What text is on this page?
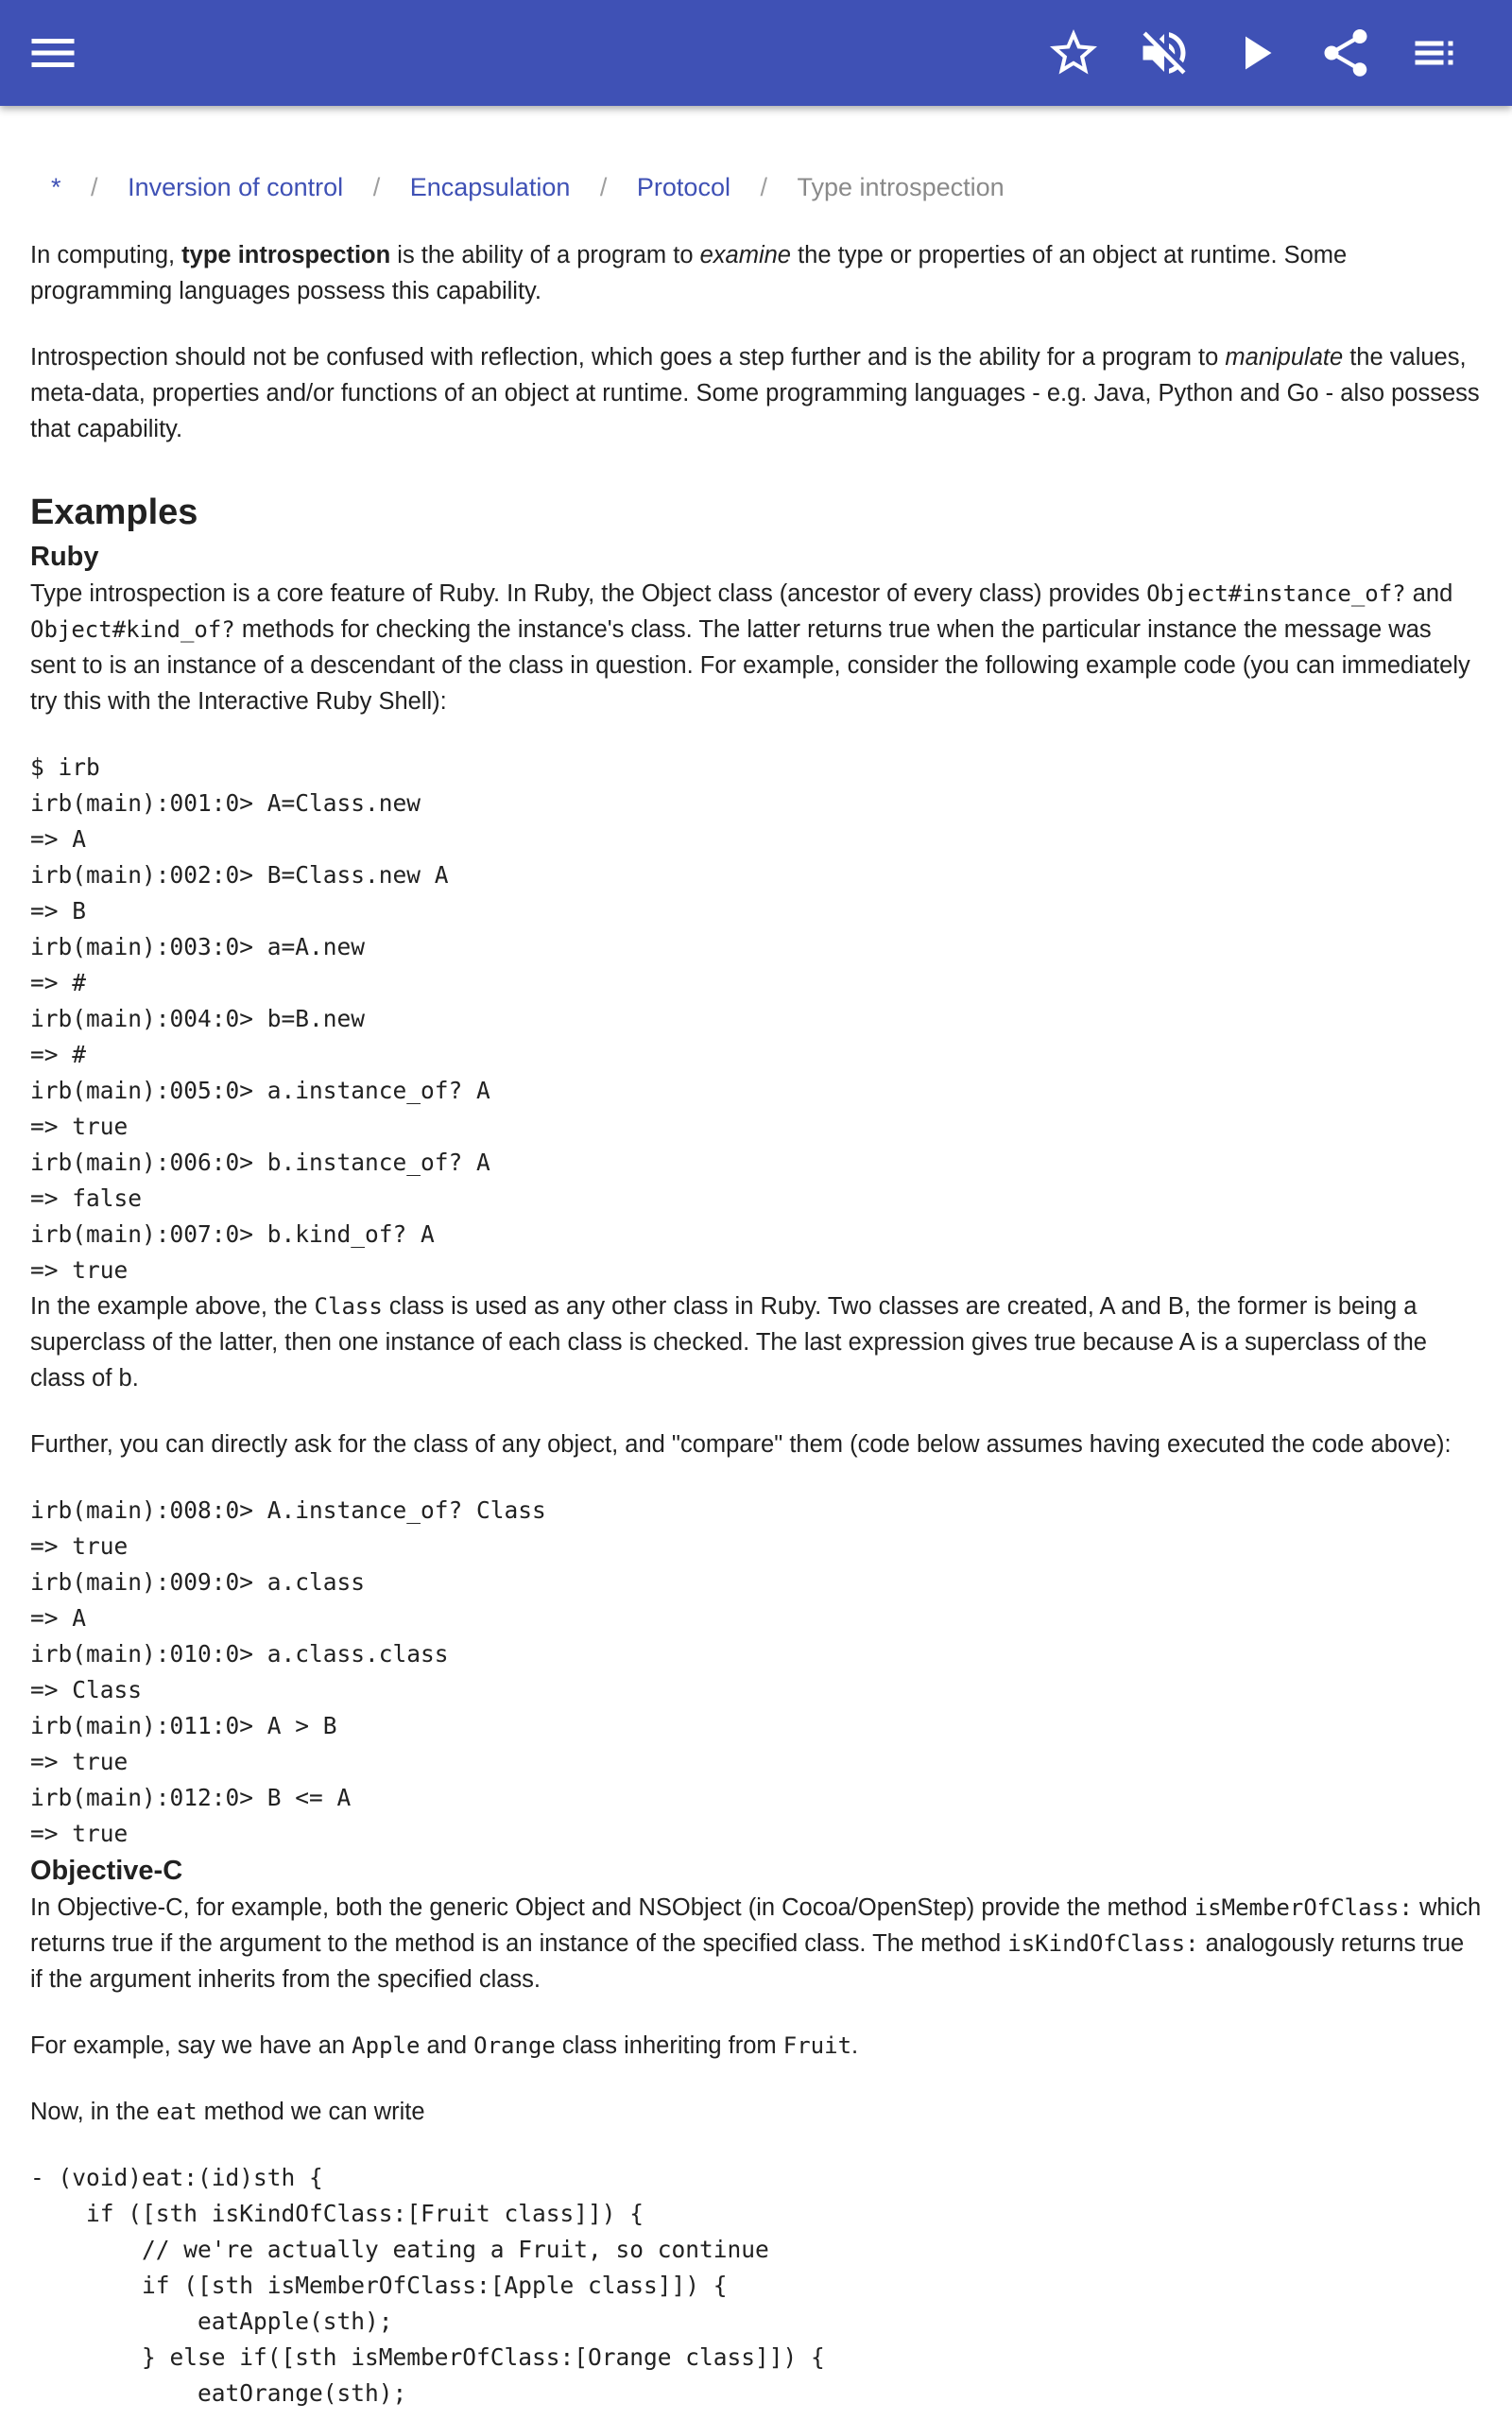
* / Inversion of control / Encapsulation / Protocol / Type introspection

In computing, type introspection is the ability of a program to examine the type or properties of an object at runtime. Some programming languages possess this capability.

Introspection should not be confused with reflection, which goes a step further and is the ability for a program to manipulate the values, meta-data, properties and/or functions of an object at runtime. Some programming languages - e.g. Java, Python and Go - also possess that capability.

Examples
Ruby

Type introspection is a core feature of Ruby. In Ruby, the Object class (ancestor of every class) provides Object#instance_of? and Object#kind_of? methods for checking the instance's class. The latter returns true when the particular instance the message was sent to is an instance of a descendant of the class in question. For example, consider the following example code (you can immediately try this with the Interactive Ruby Shell):

$ irb
irb(main):001:0> A=Class.new
=> A
irb(main):002:0> B=Class.new A
=> B
irb(main):003:0> a=A.new
=> #
irb(main):004:0> b=B.new
=> #
irb(main):005:0> a.instance_of? A
=> true
irb(main):006:0> b.instance_of? A
=> false
irb(main):007:0> b.kind_of? A
=> true

In the example above, the Class class is used as any other class in Ruby. Two classes are created, A and B, the former is being a superclass of the latter, then one instance of each class is checked. The last expression gives true because A is a superclass of the class of b.

Further, you can directly ask for the class of any object, and "compare" them (code below assumes having executed the code above):

irb(main):008:0> A.instance_of? Class
=> true
irb(main):009:0> a.class
=> A
irb(main):010:0> a.class.class
=> Class
irb(main):011:0> A > B
=> true
irb(main):012:0> B <= A
=> true
Objective-C

In Objective-C, for example, both the generic Object and NSObject (in Cocoa/OpenStep) provide the method isMemberOfClass: which returns true if the argument to the method is an instance of the specified class. The method isKindOfClass: analogously returns true if the argument inherits from the specified class.

For example, say we have an Apple and Orange class inheriting from Fruit.

Now, in the eat method we can write

- (void)eat:(id)sth {
if ([sth isKindOfClass:[Fruit class]]) {
// we're actually eating a Fruit, so continue
if ([sth isMemberOfClass:[Apple class]]) {
eatApple(sth);
} else if([sth isMemberOfClass:[Orange class]]) {
eatOrange(sth);
